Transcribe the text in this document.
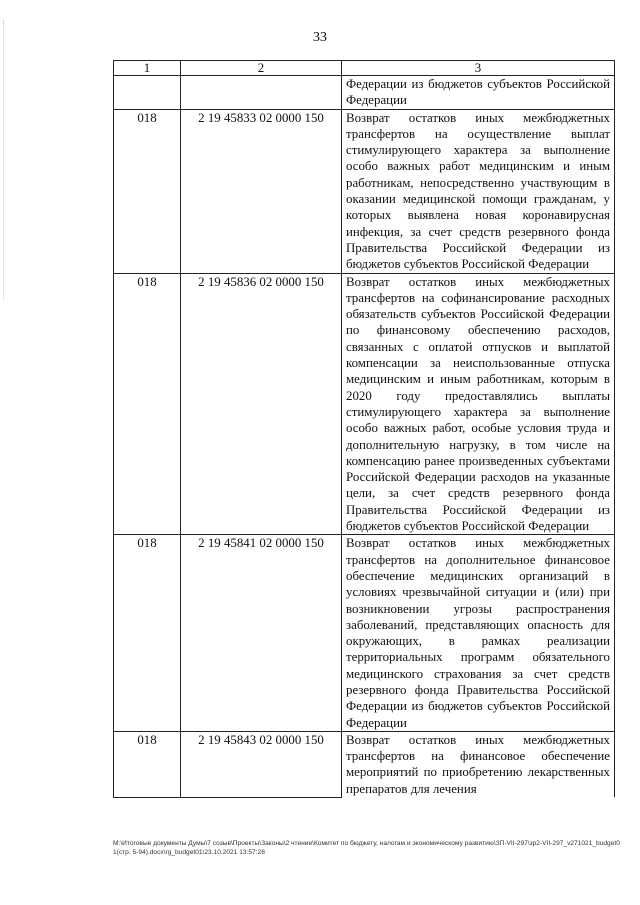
33
1	2	3
		Федерации из бюджетов субъектов Российской Федерации
018	2 19 45833 02 0000 150	Возврат остатков иных межбюджетных трансфертов на осуществление выплат стимулирующего характера за выполнение особо важных работ медицинским и иным работникам, непосредственно участвующим в оказании медицинской помощи гражданам, у которых выявлена новая коронавирусная инфекция, за счет средств резервного фонда Правительства Российской Федерации из бюджетов субъектов Российской Федерации
018	2 19 45836 02 0000 150	Возврат остатков иных межбюджетных трансфертов на софинансирование расходных обязательств субъектов Российской Федерации по финансовому обеспечению расходов, связанных с оплатой отпусков и выплатой компенсации за неиспользованные отпуска медицинским и иным работникам, которым в 2020 году предоставлялись выплаты стимулирующего характера за выполнение особо важных работ, особые условия труда и дополнительную нагрузку, в том числе на компенсацию ранее произведенных субъектами Российской Федерации расходов на указанные цели, за счет средств резервного фонда Правительства Российской Федерации из бюджетов субъектов Российской Федерации
018	2 19 45841 02 0000 150	Возврат остатков иных межбюджетных трансфертов на дополнительное финансовое обеспечение медицинских организаций в условиях чрезвычайной ситуации и (или) при возникновении угрозы распространения заболеваний, представляющих опасность для окружающих, в рамках реализации территориальных программ обязательного медицинского страхования за счет средств резервного фонда Правительства Российской Федерации из бюджетов субъектов Российской Федерации
018	2 19 45843 02 0000 150	Возврат остатков иных межбюджетных трансфертов на финансовое обеспечение мероприятий по приобретению лекарственных препаратов для лечения
M:\Итоговые документы Думы\7 созыв\Проекты\Законы\2 чтение\Комитет по бюджету, налогам и экономическому развитию\ЗП-VII-297\зр2-VII-297_v271021_budget01(стр. 5-94).docx\rg_budget01\23.10.2021 13:57:28
